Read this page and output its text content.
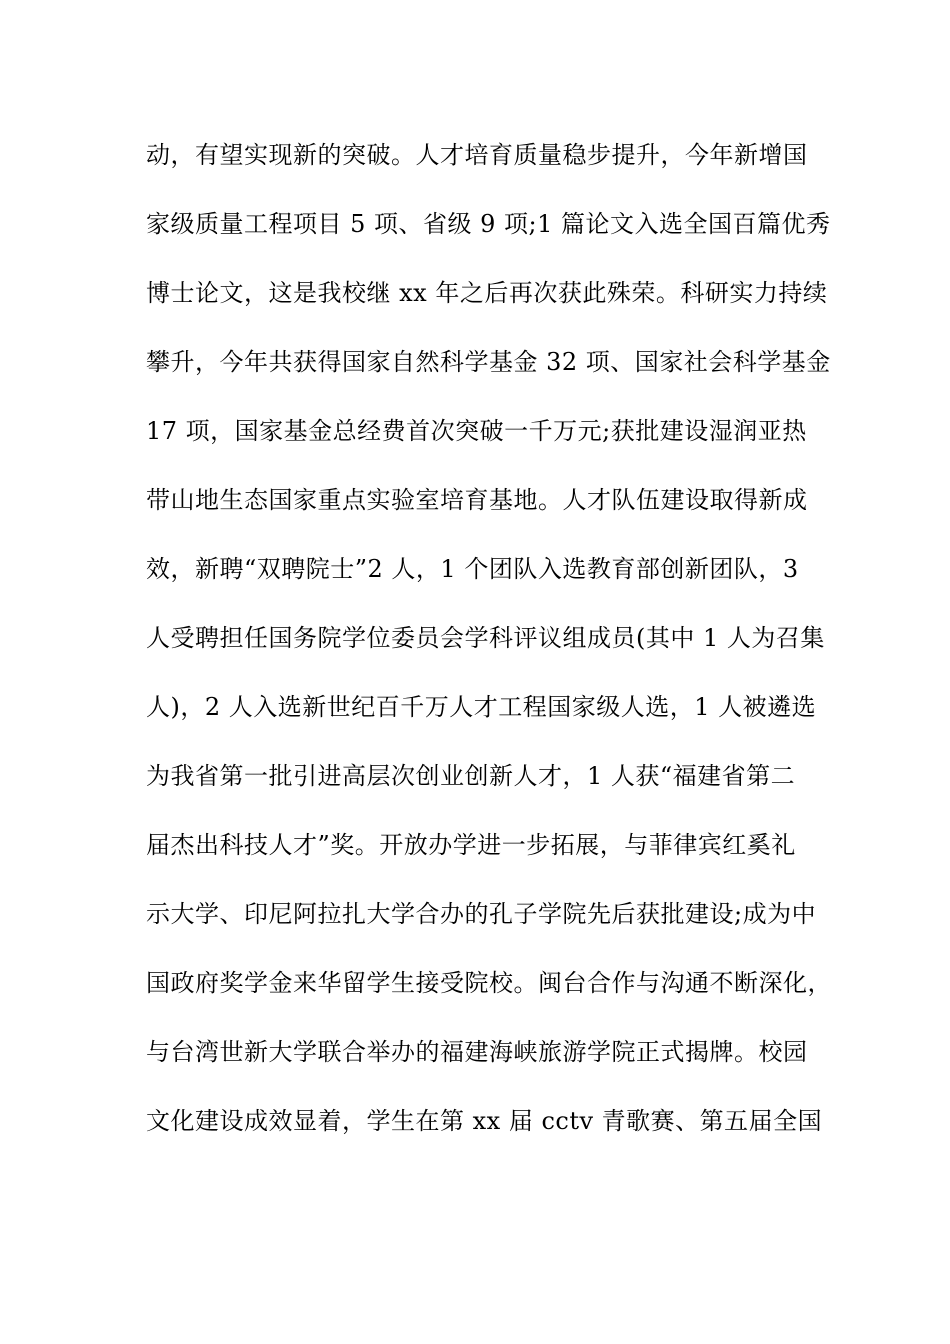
动，有望实现新的突破。人才培育质量稳步提升，今年新增国
家级质量工程项目 5 项、省级 9 项;1 篇论文入选全国百篇优秀
博士论文，这是我校继 xx 年之后再次获此殊荣。科研实力持续
攀升，今年共获得国家自然科学基金 32 项、国家社会科学基金
17 项，国家基金总经费首次突破一千万元;获批建设湿润亚热
带山地生态国家重点实验室培育基地。人才队伍建设取得新成
效，新聘“双聘院士”2 人，1 个团队入选教育部创新团队，3
人受聘担任国务院学位委员会学科评议组成员(其中 1 人为召集
人)，2 人入选新世纪百千万人才工程国家级人选，1 人被遴选
为我省第一批引进高层次创业创新人才，1 人获“福建省第二
届杰出科技人才”奖。开放办学进一步拓展，与菲律宾红奚礼
示大学、印尼阿拉扎大学合办的孔子学院先后获批建设;成为中
国政府奖学金来华留学生接受院校。闽台合作与沟通不断深化，
与台湾世新大学联合举办的福建海峡旅游学院正式揭牌。校园
文化建设成效显着，学生在第 xx 届 cctv 青歌赛、第五届全国
